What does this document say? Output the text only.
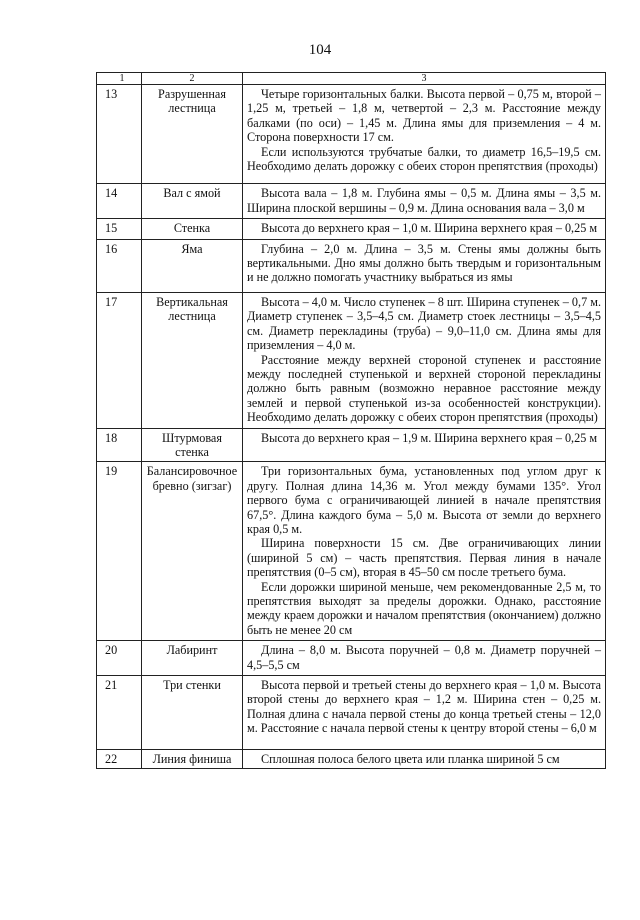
104
1	2	3
13	Разрушенная лестница	Четыре горизонтальных балки. Высота первой – 0,75 м, второй – 1,25 м, третьей – 1,8 м, четвертой – 2,3 м. Расстояние между балками (по оси) – 1,45 м. Длина ямы для приземления – 4 м. Сторона поверхности 17 см.

Если используются трубчатые балки, то диаметр 16,5–19,5 см. Необходимо делать дорожку с обеих сторон препятствия (проходы)

14	Вал с ямой	Высота вала – 1,8 м. Глубина ямы – 0,5 м. Длина ямы – 3,5 м. Ширина плоской вершины – 0,9 м. Длина основания вала – 3,0 м

15	Стенка	Высота до верхнего края – 1,0 м. Ширина верхнего края – 0,25 м

16	Яма	Глубина – 2,0 м. Длина – 3,5 м. Стены ямы должны быть вертикальными. Дно ямы должно быть твердым и горизонтальным и не должно помогать участнику выбраться из ямы

17	Вертикальная лестница	Высота – 4,0 м. Число ступенек – 8 шт. Ширина ступенек – 0,7 м. Диаметр ступенек – 3,5–4,5 см. Диаметр стоек лестницы – 3,5–4,5 см. Диаметр перекладины (труба) – 9,0–11,0 см. Длина ямы для приземления – 4,0 м.

Расстояние между верхней стороной ступенек и расстояние между последней ступенькой и верхней стороной перекладины должно быть равным (возможно неравное расстояние между землей и первой ступенькой из-за особенностей конструкции). Необходимо делать дорожку с обеих сторон препятствия (проходы)

18	Штурмовая стенка	Высота до верхнего края – 1,9 м. Ширина верхнего края – 0,25 м

19	Балансировочное бревно (зигзаг)	Три горизонтальных бума, установленных под углом друг к другу. Полная длина 14,36 м. Угол между бумами 135°. Угол первого бума с ограничивающей линией в начале препятствия 67,5°. Длина каждого бума – 5,0 м. Высота от земли до верхнего края 0,5 м.

Ширина поверхности 15 см. Две ограничивающих линии (шириной 5 см) – часть препятствия. Первая линия в начале препятствия (0–5 см), вторая в 45–50 см после третьего бума.

Если дорожки шириной меньше, чем рекомендованные 2,5 м, то препятствия выходят за пределы дорожки. Однако, расстояние между краем дорожки и началом препятствия (окончанием) должно быть не менее 20 см

20	Лабиринт	Длина – 8,0 м. Высота поручней – 0,8 м. Диаметр поручней – 4,5–5,5 см

21	Три стенки	Высота первой и третьей стены до верхнего края – 1,0 м. Высота второй стены до верхнего края – 1,2 м. Ширина стен – 0,25 м. Полная длина с начала первой стены до конца третьей стены – 12,0 м. Расстояние с начала первой стены к центру второй стены – 6,0 м

22	Линия финиша	Сплошная полоса белого цвета или планка шириной 5 см
